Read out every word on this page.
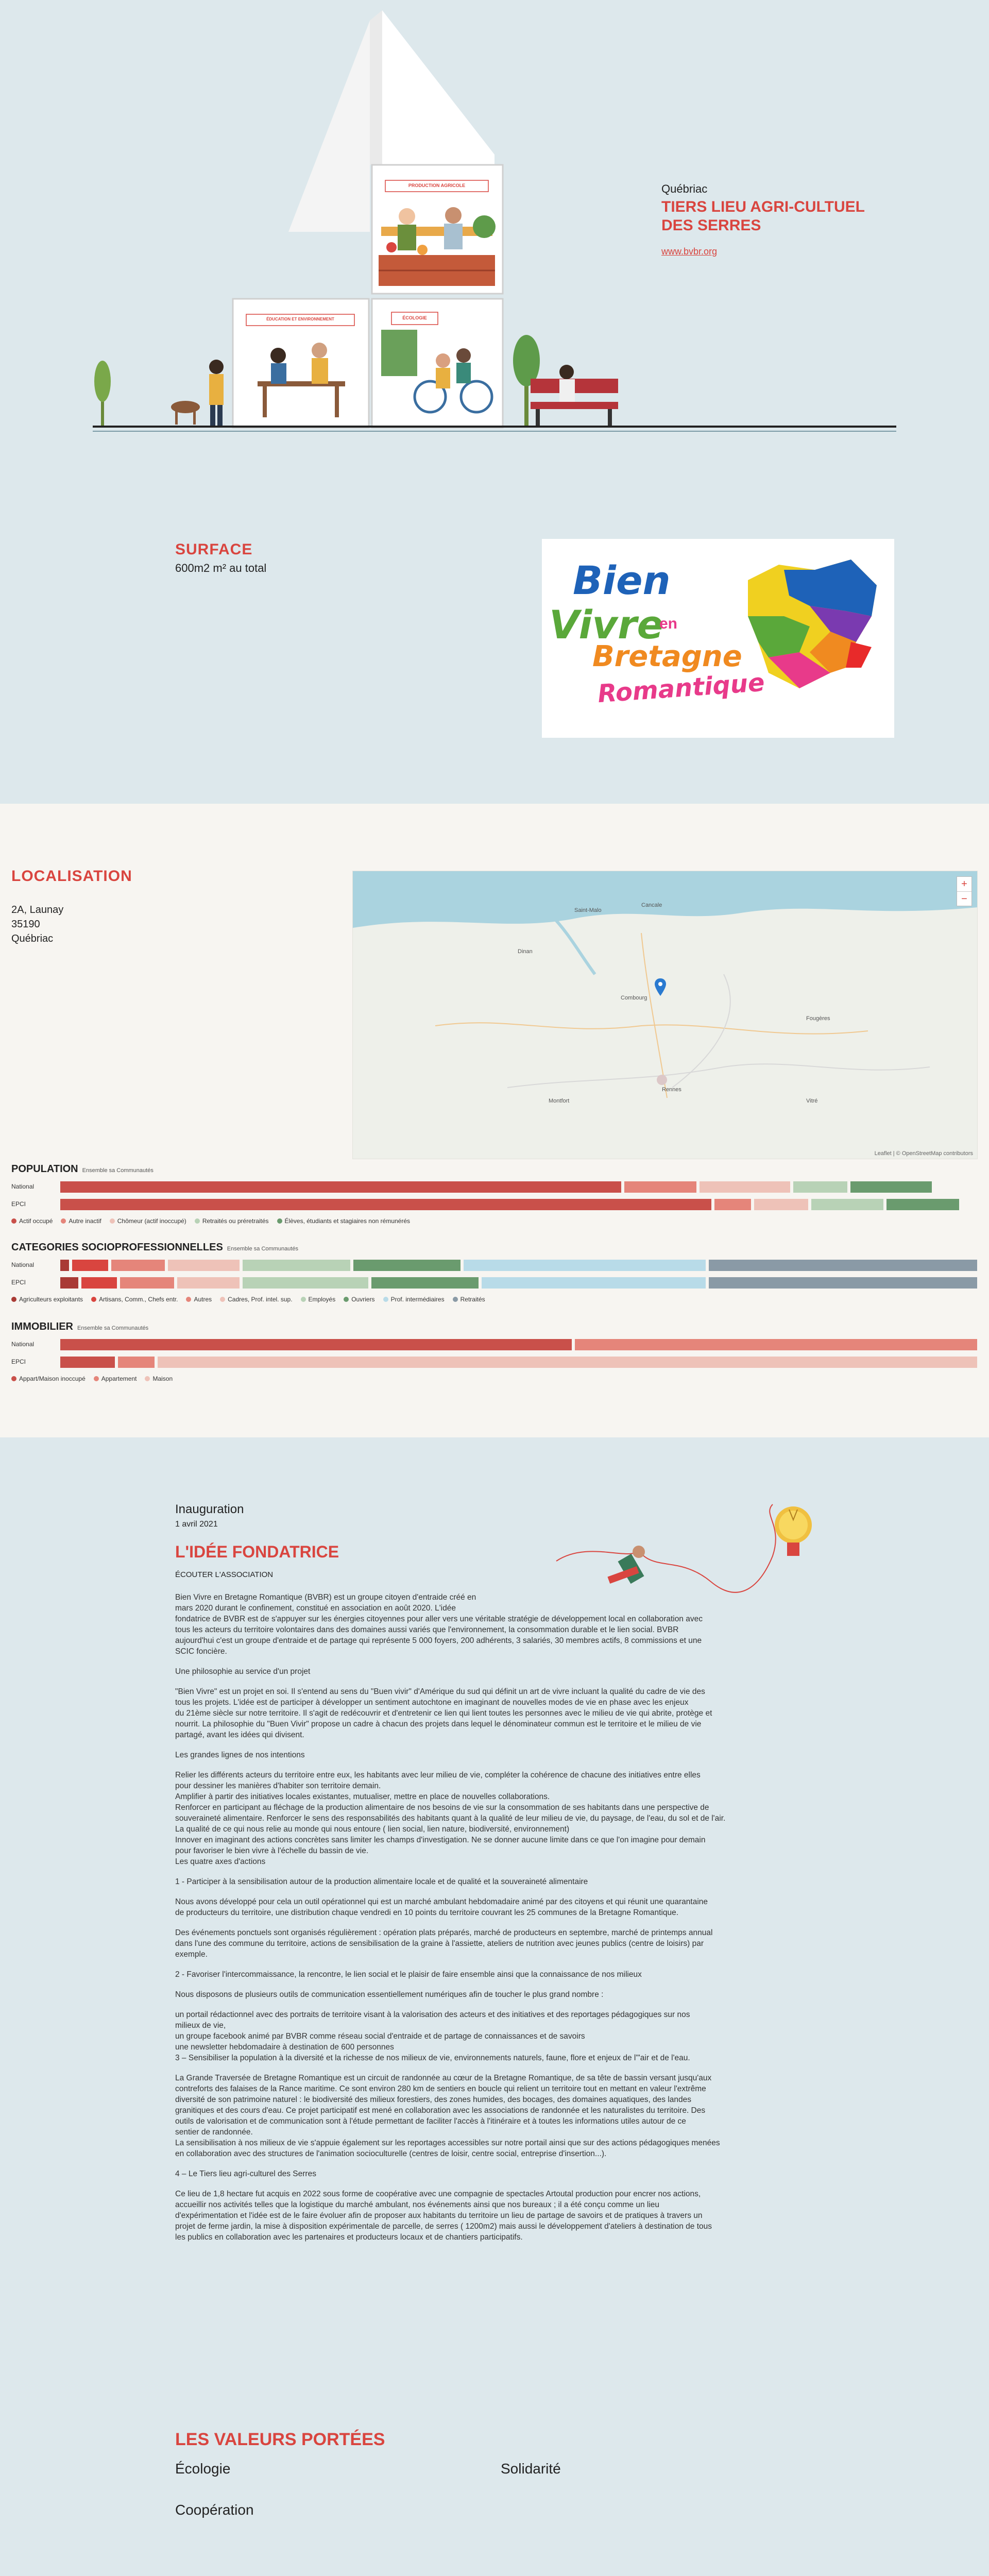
PRODUCTION AGRICOLE
ÉDUCATION ET ENVIRONNEMENT	ÉCOLOGIE
Québriac
TIERS LIEU AGRI-CULTUEL
DES SERRES
www.bvbr.org
SURFACE
600m2 m² au total	Bien
Vivre
en
Bretagne
Romantique
LOCALISATION
2A, Launay
35190
Québriac
Saint-Malo
Dinan
Cancale
Combourg
Fougères
Rennes
Vitré
Montfort
+
−
Leaflet | © OpenStreetMap contributors
POPULATION Ensemble sa Communautés
National
EPCI
Actif occupé	Autre inactif	Chômeur (actif inoccupé)	Retraités ou préretraités	Élèves, étudiants et stagiaires non rémunérés
CATEGORIES SOCIOPROFESSIONNELLES Ensemble sa Communautés
National
EPCI
Agriculteurs exploitants	Artisans, Comm., Chefs entr.	Autres	Cadres, Prof. intel. sup.	Employés	Ouvriers	Prof. intermédiaires	Retraités
IMMOBILIER Ensemble sa Communautés
National
EPCI
Appart/Maison inoccupé	Appartement	Maison
Inauguration
1 avril 2021
L'IDÉE FONDATRICE
ÉCOUTER L'ASSOCIATION

Bien Vivre en Bretagne Romantique (BVBR) est un groupe citoyen d'entraide créé en
mars 2020 durant le confinement, constitué en association en août 2020. L'idée
fondatrice de BVBR est de s'appuyer sur les énergies citoyennes pour aller vers une véritable stratégie de développement local en collaboration avec
tous les acteurs du territoire volontaires dans des domaines aussi variés que l'environnement, la consommation durable et le lien social. BVBR
aujourd'hui c'est un groupe d'entraide et de partage qui représente 5 000 foyers, 200 adhérents, 3 salariés, 30 membres actifs, 8 commissions et une
SCIC foncière.

Une philosophie au service d'un projet

"Bien Vivre" est un projet en soi. Il s'entend au sens du "Buen vivir" d'Amérique du sud qui définit un art de vivre incluant la qualité du cadre de vie des
tous les projets. L'idée est de participer à développer un sentiment autochtone en imaginant de nouvelles modes de vie en phase avec les enjeux
du 21ème siècle sur notre territoire. Il s'agit de redécouvrir et d'entretenir ce lien qui lient toutes les personnes avec le milieu de vie qui abrite, protège et
nourrit. La philosophie du "Buen Vivir" propose un cadre à chacun des projets dans lequel le dénominateur commun est le territoire et le milieu de vie
partagé, avant les idées qui divisent.

Les grandes lignes de nos intentions

Relier les différents acteurs du territoire entre eux, les habitants avec leur milieu de vie, compléter la cohérence de chacune des initiatives entre elles
pour dessiner les manières d'habiter son territoire demain.
Amplifier à partir des initiatives locales existantes, mutualiser, mettre en place de nouvelles collaborations.
Renforcer en participant au fléchage de la production alimentaire de nos besoins de vie sur la consommation de ses habitants dans une perspective de
souveraineté alimentaire. Renforcer le sens des responsabilités des habitants quant à la qualité de leur milieu de vie, du paysage, de l'eau, du sol et de l'air.
La qualité de ce qui nous relie au monde qui nous entoure ( lien social, lien nature, biodiversité, environnement)
Innover en imaginant des actions concrètes sans limiter les champs d'investigation. Ne se donner aucune limite dans ce que l'on imagine pour demain
pour favoriser le bien vivre à l'échelle du bassin de vie.
Les quatre axes d'actions

1 - Participer à la sensibilisation autour de la production alimentaire locale et de qualité et la souveraineté alimentaire

Nous avons développé pour cela un outil opérationnel qui est un marché ambulant hebdomadaire animé par des citoyens et qui réunit une quarantaine
de producteurs du territoire, une distribution chaque vendredi en 10 points du territoire couvrant les 25 communes de la Bretagne Romantique.

Des événements ponctuels sont organisés régulièrement : opération plats préparés, marché de producteurs en septembre, marché de printemps annual
dans l'une des commune du territoire, actions de sensibilisation de la graine à l'assiette, ateliers de nutrition avec jeunes publics (centre de loisirs) par
exemple.

2 - Favoriser l'intercommaissance, la rencontre, le lien social et le plaisir de faire ensemble ainsi que la connaissance de nos milieux

Nous disposons de plusieurs outils de communication essentiellement numériques afin de toucher le plus grand nombre :

un portail rédactionnel avec des portraits de territoire visant à la valorisation des acteurs et des initiatives et des reportages pédagogiques sur nos
milieux de vie,
un groupe facebook animé par BVBR comme réseau social d'entraide et de partage de connaissances et de savoirs
une newsletter hebdomadaire à destination de 600 personnes
3 – Sensibiliser la population à la diversité et la richesse de nos milieux de vie, environnements naturels, faune, flore et enjeux de l'"air et de l'eau.

La Grande Traversée de Bretagne Romantique est un circuit de randonnée au cœur de la Bretagne Romantique, de sa tête de bassin versant jusqu'aux
contreforts des falaises de la Rance maritime. Ce sont environ 280 km de sentiers en boucle qui relient un territoire tout en mettant en valeur l'extrême
diversité de son patrimoine naturel : le biodiversité des milieux forestiers, des zones humides, des bocages, des domaines aquatiques, des landes
granitiques et des cours d'eau. Ce projet participatif est mené en collaboration avec les associations de randonnée et les naturalistes du territoire. Des
outils de valorisation et de communication sont à l'étude permettant de faciliter l'accès à l'itinéraire et à toutes les informations utiles autour de ce
sentier de randonnée.
La sensibilisation à nos milieux de vie s'appuie également sur les reportages accessibles sur notre portail ainsi que sur des actions pédagogiques menées
en collaboration avec des structures de l'animation socioculturelle (centres de loisir, centre social, entreprise d'insertion...).

4 – Le Tiers lieu agri-culturel des Serres

Ce lieu de 1,8 hectare fut acquis en 2022 sous forme de coopérative avec une compagnie de spectacles Artoutal production pour encrer nos actions,
accueillir nos activités telles que la logistique du marché ambulant, nos événements ainsi que nos bureaux ; il a été conçu comme un lieu
d'expérimentation et l'idée est de le faire évoluer afin de proposer aux habitants du territoire un lieu de partage de savoirs et de pratiques à travers un
projet de ferme jardin, la mise à disposition expérimentale de parcelle, de serres ( 1200m2) mais aussi le développement d'ateliers à destination de tous
les publics en collaboration avec les partenaires et producteurs locaux et de chantiers participatifs.

LES VALEURS PORTÉES
Écologie	Solidarité
Coopération
